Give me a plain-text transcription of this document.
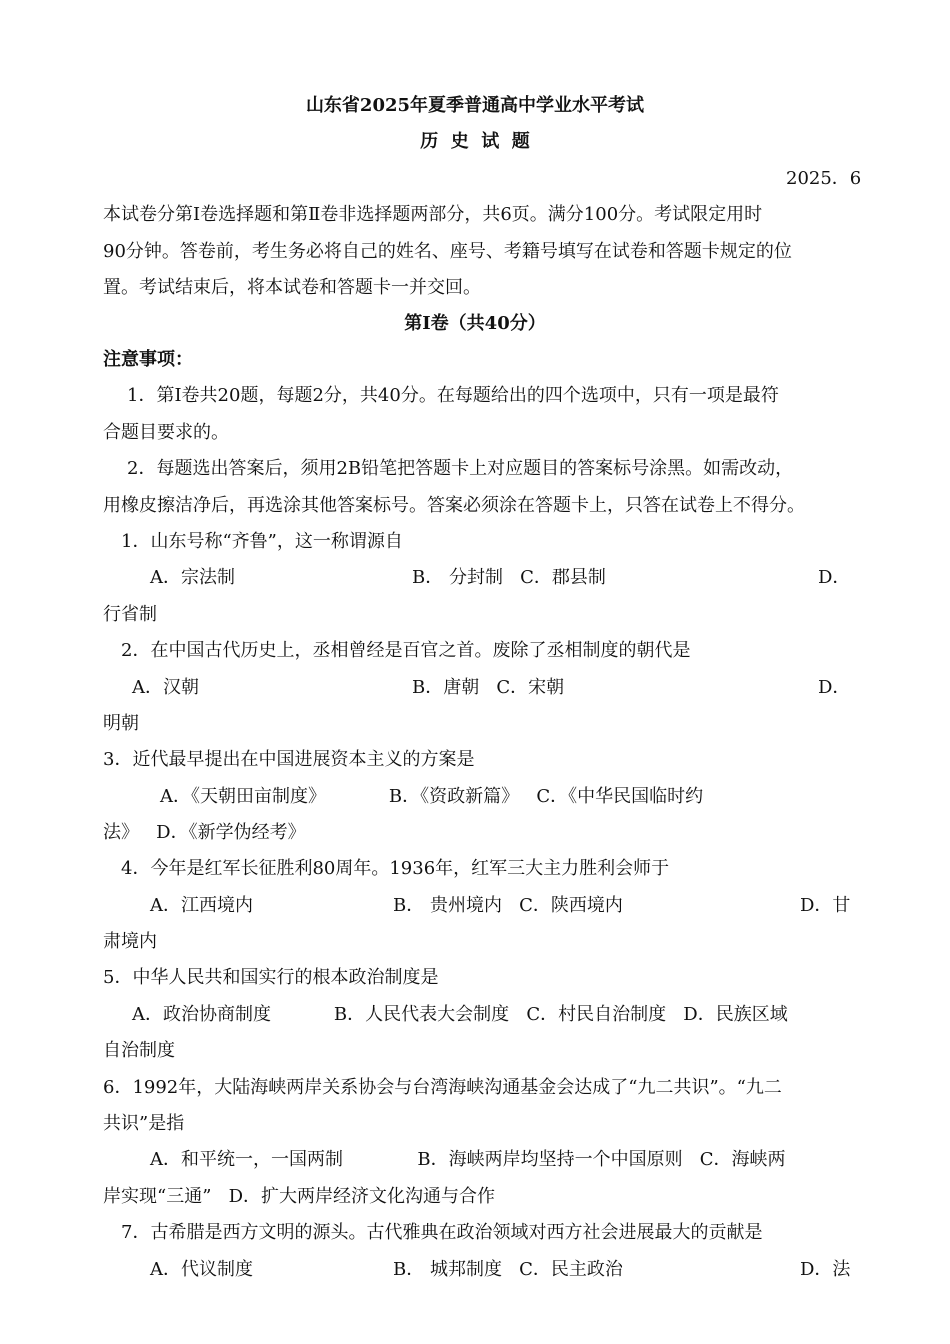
山东省2025年夏季普通高中学业水平考试
历  史  试  题
2025．6
本试卷分第Ⅰ卷选择题和第Ⅱ卷非选择题两部分，共6页。满分100分。考试限定用时
90分钟。答卷前，考生务必将自己的姓名、座号、考籍号填写在试卷和答题卡规定的位
置。考试结束后，将本试卷和答题卡一并交回。
第Ⅰ卷（共40分）
注意事项：
1．第Ⅰ卷共20题，每题2分，共40分。在每题给出的四个选项中，只有一项是最符
合题目要求的。
2．每题选出答案后，须用2B铅笔把答题卡上对应题目的答案标号涂黑。如需改动，
用橡皮擦洁净后，再选涂其他答案标号。答案必须涂在答题卡上，只答在试卷上不得分。
1．山东号称“齐鲁”，这一称谓源自
A．宗法制	B． 分封制   C．郡县制	D．
行省制
2．在中国古代历史上，丞相曾经是百官之首。废除了丞相制度的朝代是
A．汉朝	B．唐朝   C．宋朝	D．
明朝
3．近代最早提出在中国进展资本主义的方案是
A．《天朝田亩制度》           B．《资政新篇》   C．《中华民国临时约
法》   D．《新学伪经考》
4．今年是红军长征胜利80周年。1936年，红军三大主力胜利会师于
A．江西境内	B． 贵州境内   C．陕西境内	D．甘
肃境内
5．中华人民共和国实行的根本政治制度是
A．政治协商制度           B．人民代表大会制度   C．村民自治制度   D．民族区域
自治制度
6．1992年，大陆海峡两岸关系协会与台湾海峡沟通基金会达成了“九二共识”。“九二
共识”是指
A．和平统一，一国两制             B．海峡两岸均坚持一个中国原则   C．海峡两
岸实现“三通”   D．扩大两岸经济文化沟通与合作
7．古希腊是西方文明的源头。古代雅典在政治领域对西方社会进展最大的贡献是
A．代议制度	B． 城邦制度   C．民主政治	D．法
